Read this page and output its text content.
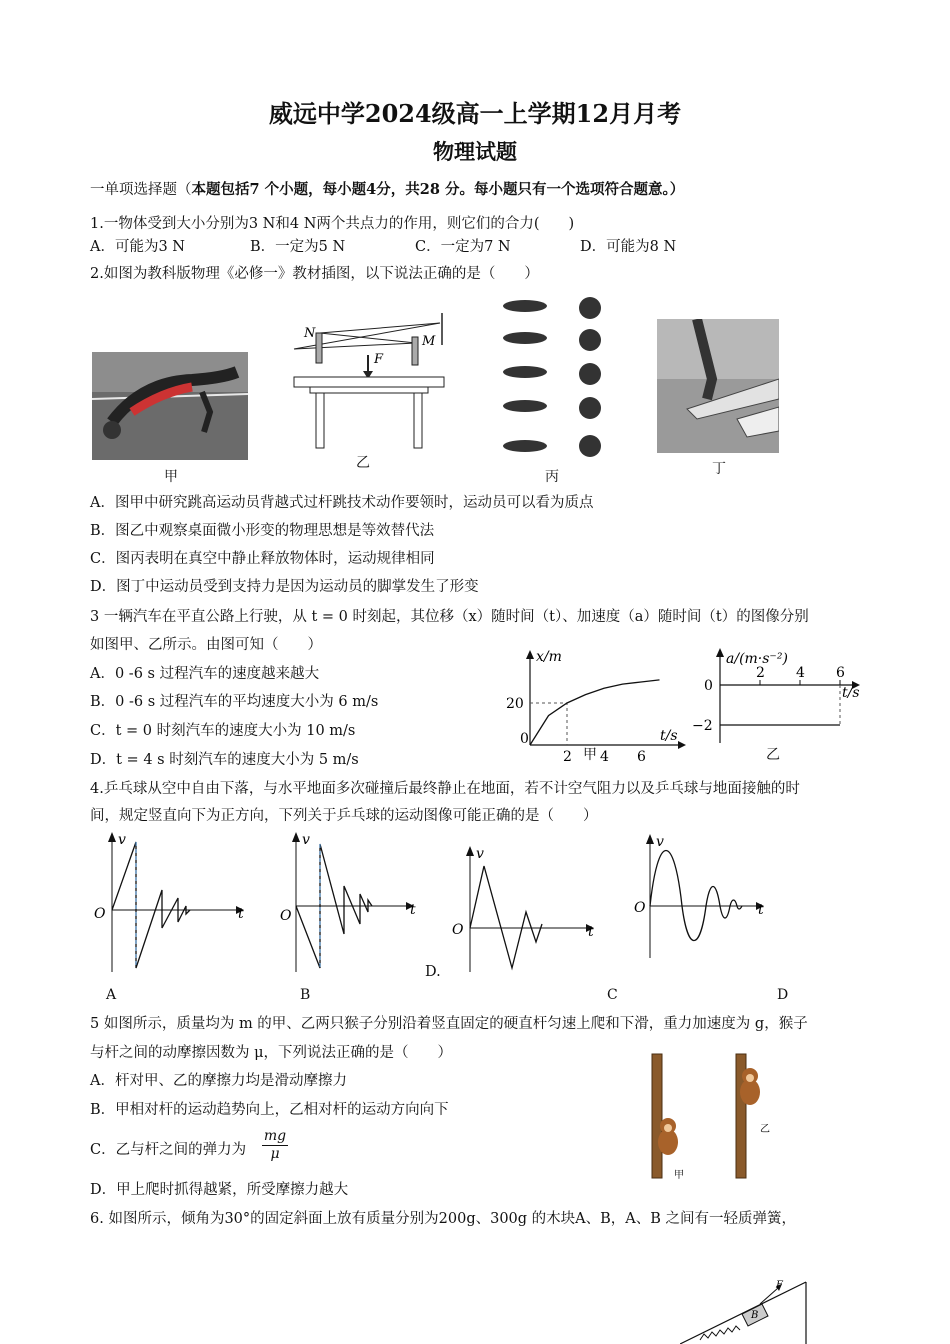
威远中学2024级高一上学期12月月考
物理试题
一单项选择题（本题包括7 个小题，每小题4分，共28 分。每小题只有一个选项符合题意。）
1.一物体受到大小分别为3 N和4 N两个共点力的作用，则它们的合力(　　)
A．可能为3 N	B．一定为5 N	C．一定为7 N	D．可能为8 N
2.如图为教科版物理《必修一》教材插图，以下说法正确的是（　　）
甲
N
M
F
乙
丙	丁
A．图甲中研究跳高运动员背越式过杆跳技术动作要领时，运动员可以看为质点
B．图乙中观察桌面微小形变的物理思想是等效替代法
C．图丙表明在真空中静止释放物体时，运动规律相同
D．图丁中运动员受到支持力是因为运动员的脚掌发生了形变
3 一辆汽车在平直公路上行驶，从 t = 0 时刻起，其位移（x）随时间（t）、加速度（a）随时间（t）的图像分别
如图甲、乙所示。由图可知（　　）
A．0 -6 s 过程汽车的速度越来越大
B．0 -6 s 过程汽车的平均速度大小为 6 m/s
C．t = 0 时刻汽车的速度大小为 10 m/s
D．t = 4 s 时刻汽车的速度大小为 5 m/s
x/m
t/s
0
2 4 6
20
甲
a/(m·s⁻²)
t/s
2 4 6
0
−2
乙
4.乒乓球从空中自由下落，与水平地面多次碰撞后最终静止在地面，若不计空气阻力以及乒乓球与地面接触的时
间，规定竖直向下为正方向，下列关于乒乓球的运动图像可能正确的是（　　）
v
t
O
A
v
t
O
B
D.
v
t
O
C
v
t
O
D
5 如图所示，质量均为 m 的甲、乙两只猴子分别沿着竖直固定的硬直杆匀速上爬和下滑，重力加速度为 g，猴子
与杆之间的动摩擦因数为 μ，下列说法正确的是（　　）
A．杆对甲、乙的摩擦力均是滑动摩擦力
B．甲相对杆的运动趋势向上，乙相对杆的运动方向向下
C．乙与杆之间的弹力为
mg
μ
D．甲上爬时抓得越紧，所受摩擦力越大
甲
乙
6. 如图所示，倾角为30°的固定斜面上放有质量分别为200g、300g 的木块A、B，A、B 之间有一轻质弹簧，
B
F
